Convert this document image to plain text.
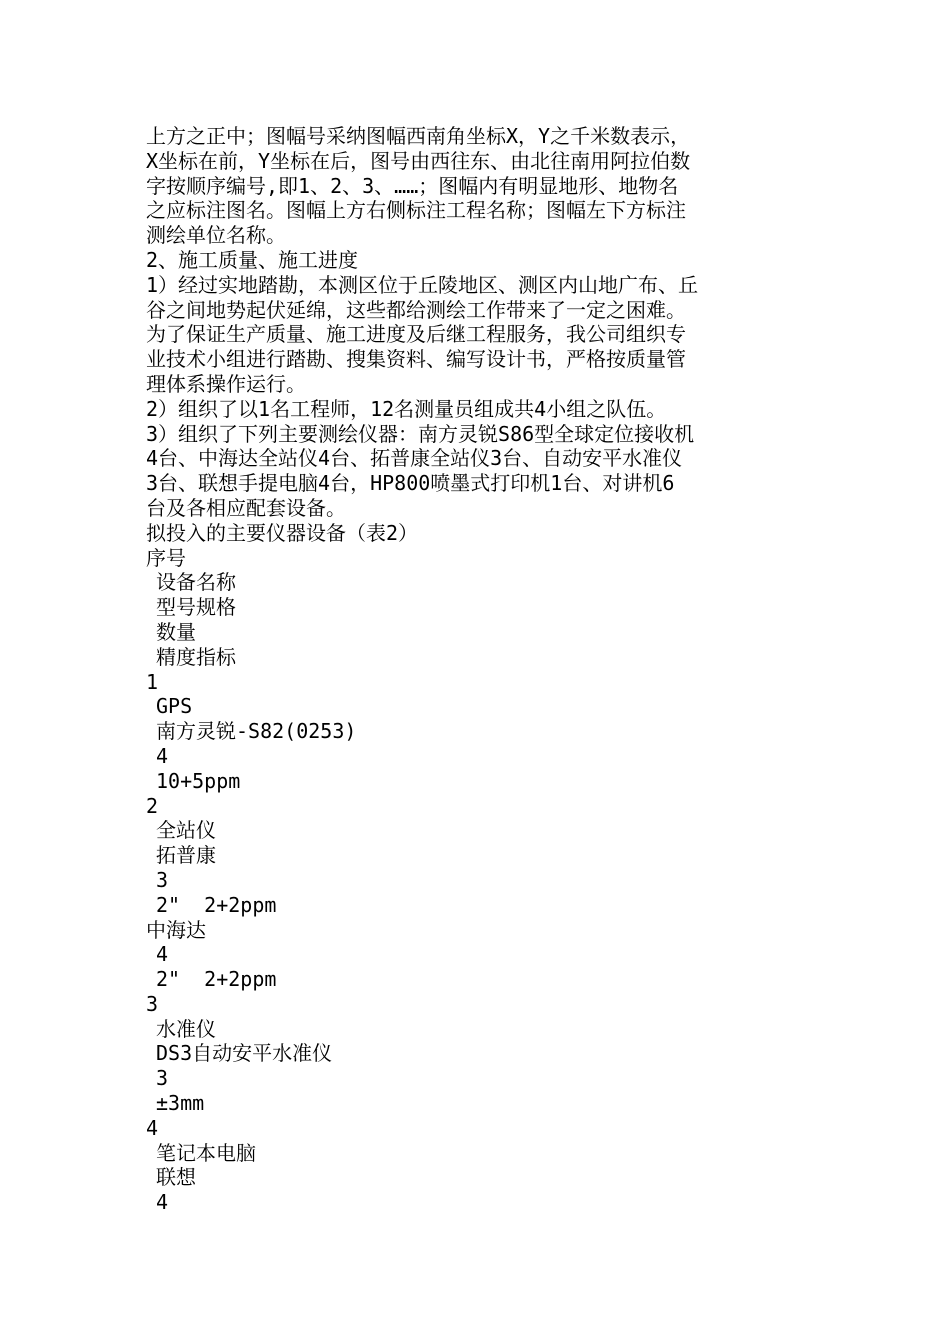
上方之正中；图幅号采纳图幅西南角坐标X，Y之千米数表示，
X坐标在前，Y坐标在后，图号由西往东、由北往南用阿拉伯数
字按顺序编号,即1、2、3、……；图幅内有明显地形、地物名
之应标注图名。图幅上方右侧标注工程名称；图幅左下方标注
测绘单位名称。
2、施工质量、施工进度
1）经过实地踏勘，本测区位于丘陵地区、测区内山地广布、丘
谷之间地势起伏延绵，这些都给测绘工作带来了一定之困难。
为了保证生产质量、施工进度及后继工程服务，我公司组织专
业技术小组进行踏勘、搜集资料、编写设计书，严格按质量管
理体系操作运行。
2）组织了以1名工程师，12名测量员组成共4小组之队伍。
3）组织了下列主要测绘仪器：南方灵锐S86型全球定位接收机
4台、中海达全站仪4台、拓普康全站仪3台、自动安平水准仪
3台、联想手提电脑4台，HP800喷墨式打印机1台、对讲机6
台及各相应配套设备。
拟投入的主要仪器设备（表2）
序号
设备名称
型号规格
数量
精度指标
1
GPS
南方灵锐-S82(0253)
4
10+5ppm
2
全站仪
拓普康
3
2"  2+2ppm
中海达
4
2"  2+2ppm
3
水准仪
DS3自动安平水准仪
3
±3mm
4
笔记本电脑
联想
4
